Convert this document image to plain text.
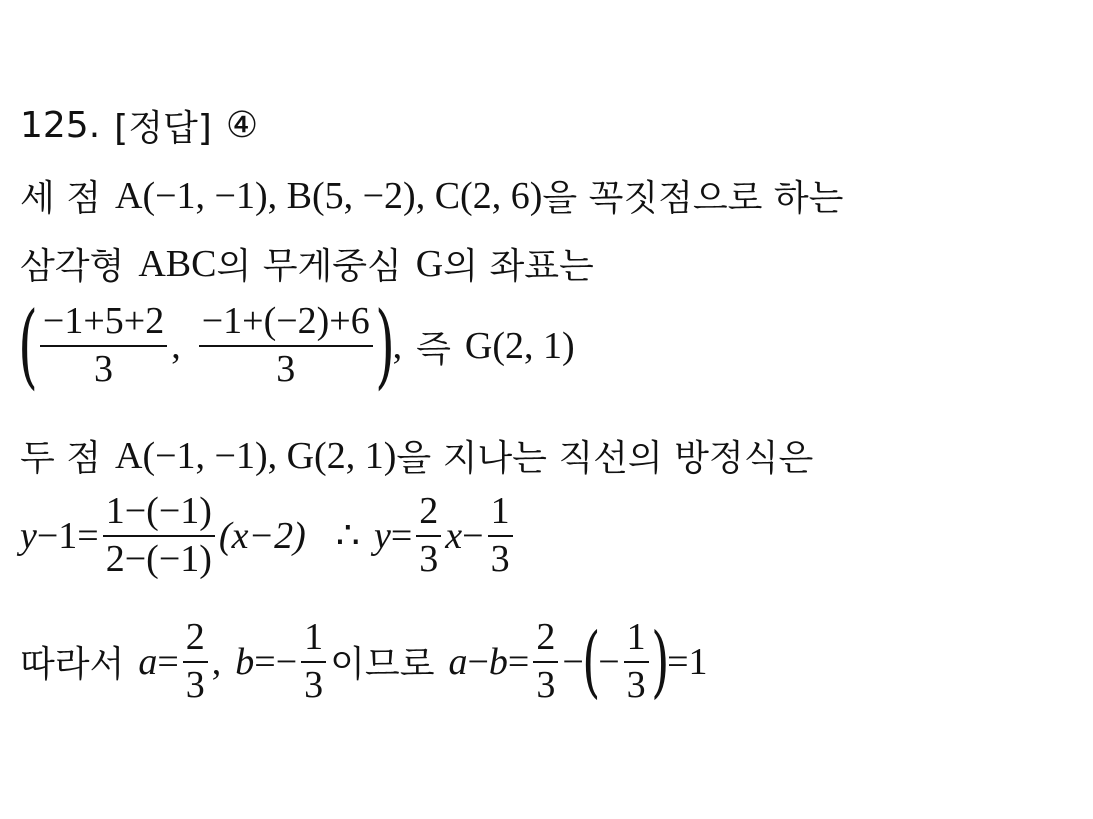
125. [정답] ④
세 점 A(−1, −1), B(5, −2), C(2, 6) 을 꼭짓점으로 하는
삼각형 ABC 의 무게중심 G 의 좌표는
( $\frac{-1+5+2}{3}$ , $\frac{-1+(-2)+6}{3}$ )
, 즉 G(2, 1)
두 점 A(−1, −1), G(2, 1) 을 지나는 직선의 방정식은
$y -1= \frac{1-(-1)}{2-(-1)} (x-2)$ ∴ $y = \frac{2}{3}$ $x - \frac{1}{3}$
따라서 $a = \frac{2}{3}$ , $b =- \frac{1}{3}$ 이므로 $a - b = \frac{2}{3}$ −
(
− $\frac{1}{3}$ )
=1
